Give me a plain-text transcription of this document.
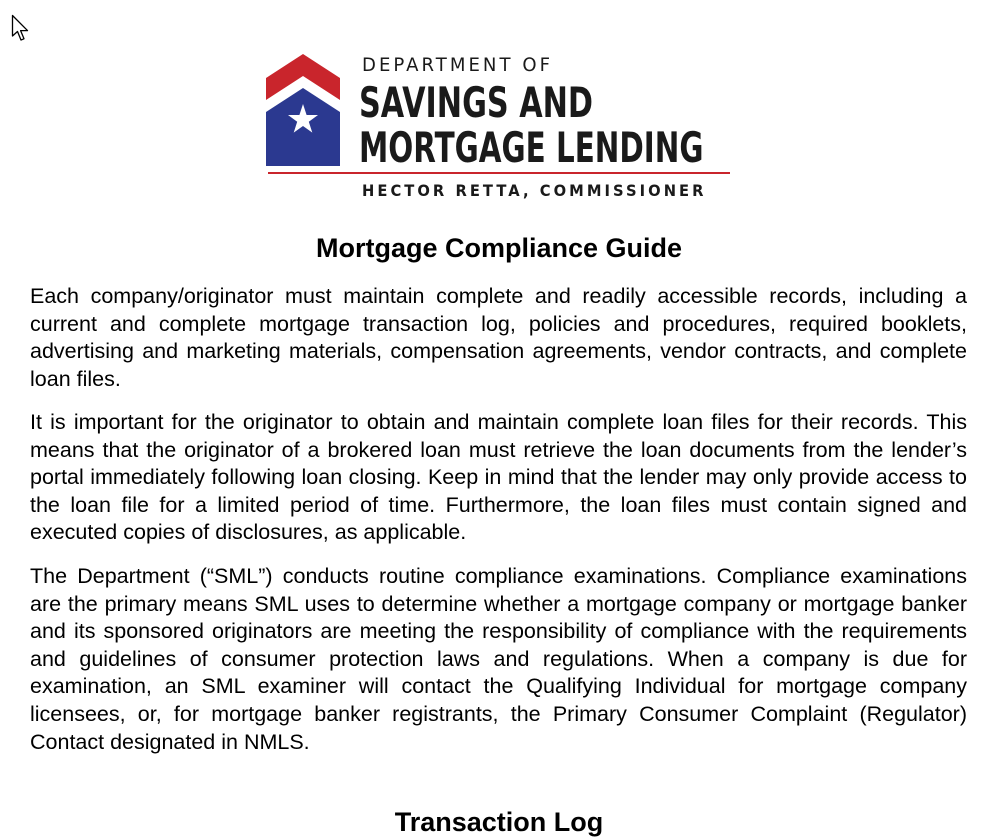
DEPARTMENT OF
SAVINGS AND
MORTGAGE LENDING
HECTOR RETTA, COMMISSIONER
Mortgage Compliance Guide

Each company/originator must maintain complete and readily accessible records, including a current and complete mortgage transaction log, policies and procedures, required booklets, advertising and marketing materials, compensation agreements, vendor contracts, and complete loan files.

It is important for the originator to obtain and maintain complete loan files for their records. This means that the originator of a brokered loan must retrieve the loan documents from the lender’s portal immediately following loan closing. Keep in mind that the lender may only provide access to the loan file for a limited period of time. Furthermore, the loan files must contain signed and executed copies of disclosures, as applicable.

The Department (“SML”) conducts routine compliance examinations. Compliance examinations are the primary means SML uses to determine whether a mortgage company or mortgage banker and its sponsored originators are meeting the responsibility of compliance with the requirements and guidelines of consumer protection laws and regulations. When a company is due for examination, an SML examiner will contact the Qualifying Individual for mortgage company licensees, or, for mortgage banker registrants, the Primary Consumer Complaint (Regulator) Contact designated in NMLS.

Transaction Log
